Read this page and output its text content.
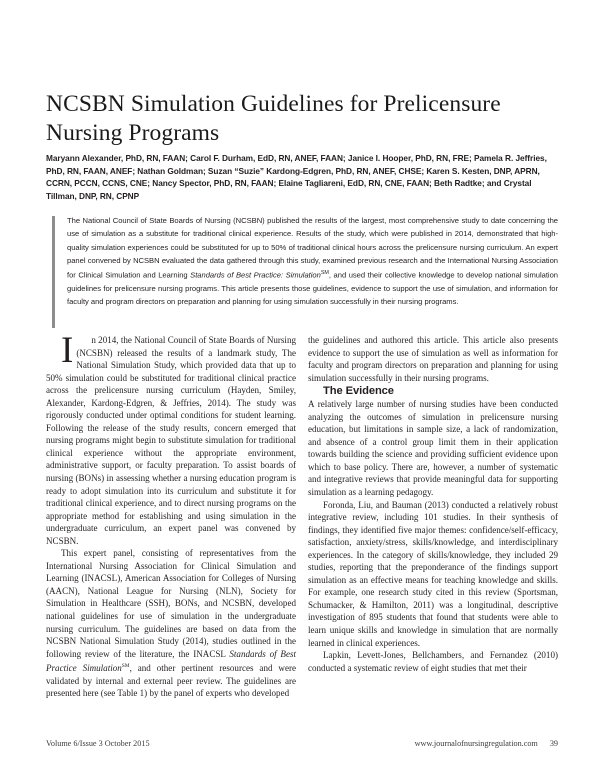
NCSBN Simulation Guidelines for Prelicensure Nursing Programs
Maryann Alexander, PhD, RN, FAAN; Carol F. Durham, EdD, RN, ANEF, FAAN; Janice I. Hooper, PhD, RN, FRE; Pamela R. Jeffries, PhD, RN, FAAN, ANEF; Nathan Goldman; Suzan “Suzie” Kardong-Edgren, PhD, RN, ANEF, CHSE; Karen S. Kesten, DNP, APRN, CCRN, PCCN, CCNS, CNE; Nancy Spector, PhD, RN, FAAN; Elaine Tagliareni, EdD, RN, CNE, FAAN; Beth Radtke; and Crystal Tillman, DNP, RN, CPNP
The National Council of State Boards of Nursing (NCSBN) published the results of the largest, most comprehensive study to date concerning the use of simulation as a substitute for traditional clinical experience. Results of the study, which were published in 2014, demonstrated that high-quality simulation experiences could be substituted for up to 50% of traditional clinical hours across the prelicensure nursing curriculum. An expert panel convened by NCSBN evaluated the data gathered through this study, examined previous research and the International Nursing Association for Clinical Simulation and Learning Standards of Best Practice: Simulation℠, and used their collective knowledge to develop national simulation guidelines for prelicensure nursing programs. This article presents those guidelines, evidence to support the use of simulation, and information for faculty and program directors on preparation and planning for using simulation successfully in their nursing programs.

I	n 2014, the National Council of State Boards of Nursing (NCSBN) released the results of a landmark study, The National Simulation Study, which provided data that up to 50% simulation could be substituted for traditional clinical practice across the prelicensure nursing curriculum (Hayden, Smiley, Alexander, Kardong-Edgren, & Jeffries, 2014). The study was rigorously conducted under optimal conditions for student learning. Following the release of the study results, concern emerged that nursing programs might begin to substitute simulation for traditional clinical experience without the appropriate environment, administrative support, or faculty preparation. To assist boards of nursing (BONs) in assessing whether a nursing education program is ready to adopt simulation into its curriculum and substitute it for traditional clinical experience, and to direct nursing programs on the appropriate method for establishing and using simulation in the undergraduate curriculum, an expert panel was convened by NCSBN.

This expert panel, consisting of representatives from the International Nursing Association for Clinical Simulation and Learning (INACSL), American Association for Colleges of Nursing (AACN), National League for Nursing (NLN), Society for Simulation in Healthcare (SSH), BONs, and NCSBN, developed national guidelines for use of simulation in the undergraduate nursing curriculum. The guidelines are based on data from the NCSBN National Simulation Study (2014), studies outlined in the following review of the literature, the INACSL Standards of Best Practice Simulation℠, and other pertinent resources and were validated by internal and external peer review. The guidelines are presented here (see Table 1) by the panel of experts who developed

the guidelines and authored this article. This article also presents evidence to support the use of simulation as well as information for faculty and program directors on preparation and planning for using simulation successfully in their nursing programs.

The Evidence

A relatively large number of nursing studies have been conducted analyzing the outcomes of simulation in prelicensure nursing education, but limitations in sample size, a lack of randomization, and absence of a control group limit them in their application towards building the science and providing sufficient evidence upon which to base policy. There are, however, a number of systematic and integrative reviews that provide meaningful data for supporting simulation as a learning pedagogy.

Foronda, Liu, and Bauman (2013) conducted a relatively robust integrative review, including 101 studies. In their synthesis of findings, they identified five major themes: confidence/self-efficacy, satisfaction, anxiety/stress, skills/knowledge, and interdisciplinary experiences. In the category of skills/knowledge, they included 29 studies, reporting that the preponderance of the findings support simulation as an effective means for teaching knowledge and skills. For example, one research study cited in this review (Sportsman, Schumacker, & Hamilton, 2011) was a longitudinal, descriptive investigation of 895 students that found that students were able to learn unique skills and knowledge in simulation that are normally learned in clinical experiences.

Lapkin, Levett-Jones, Bellchambers, and Fernandez (2010) conducted a systematic review of eight studies that met their

Volume 6/Issue 3 October 2015	www.journalofnursingregulation.com 39
